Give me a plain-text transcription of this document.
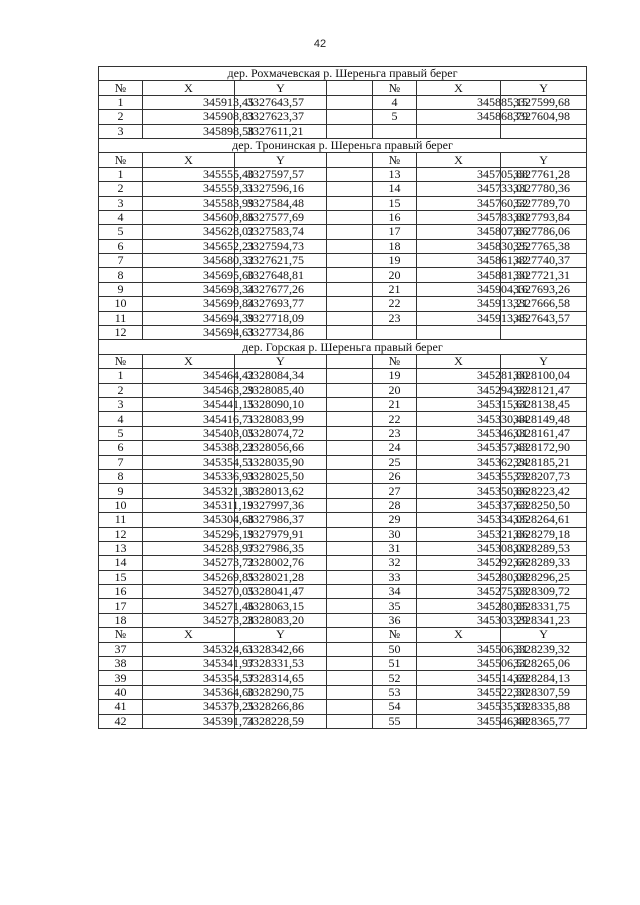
42
дер. Рохмачевская р. Шереньга правый берег						
№	X	Y		№	X	Y
1	345913,45	3327643,57		4	345885,15	3327599,68
2	345908,83	3327623,37		5	345868,79	3327604,98
3	345898,58	3327611,21				
дер. Тронинская р. Шереньга правый берег						
№	X	Y		№	X	Y
1	345555,40	3327597,57		13	345705,88	3327761,28
2	345559,31	3327596,16		14	345733,01	3327780,36
3	345583,99	3327584,48		15	345760,52	3327789,70
4	345609,86	3327577,69		16	345783,80	3327793,84
5	345628,02	3327583,74		17	345807,86	3327786,06
6	345652,23	3327594,73		18	345830,25	3327765,38
7	345680,32	3327621,75		19	345861,42	3327740,37
8	345695,60	3327648,81		20	345881,30	3327721,31
9	345698,34	3327677,26		21	345904,16	3327693,26
10	345699,84	3327693,77		22	345913,21	3327666,58
11	345694,39	3327718,09		23	345913,45	3327643,57
12	345694,63	3327734,86				
дер. Горская р. Шереньга правый берег						
№	X	Y		№	X	Y
1	345464,42	3328084,34		19	345281,80	3328100,04
2	345463,29	3328085,40		20	345294,92	3328121,47
3	345441,15	3328090,10		21	345315,61	3328138,45
4	345416,71	3328083,99		22	345330,44	3328149,48
5	345403,05	3328074,72		23	345346,01	3328161,47
6	345388,22	3328056,66		24	345357,43	3328172,90
7	345354,51	3328035,90		25	345362,24	3328185,21
8	345336,93	3328025,50		26	345355,73	3328207,73
9	345321,30	3328013,62		27	345350,86	3328223,42
10	345311,19	3327997,36		28	345337,63	3328250,50
11	345304,68	3327986,37		29	345334,05	3328264,61
12	345296,19	3327979,91		30	345321,86	3328279,18
13	345283,97	3327986,35		31	345308,00	3328289,53
14	345273,72	3328002,76		32	345292,66	3328289,33
15	345269,85	3328021,28		33	345280,08	3328296,25
16	345270,05	3328041,47		34	345275,03	3328309,72
17	345271,46	3328063,15		35	345280,85	3328331,75
18	345273,28	3328083,20		36	345303,29	3328341,23
№	X	Y		№	X	Y
37	345324,61	3328342,66		50	345506,31	3328239,32
38	345341,97	3328331,53		51	345506,51	3328265,06
39	345354,57	3328314,65		52	345514,69	3328284,13
40	345364,60	3328290,75		53	345522,30	3328307,59
41	345379,25	3328266,86		54	345535,13	3328335,88
42	345391,74	3328228,59		55	345546,48	3328365,77
